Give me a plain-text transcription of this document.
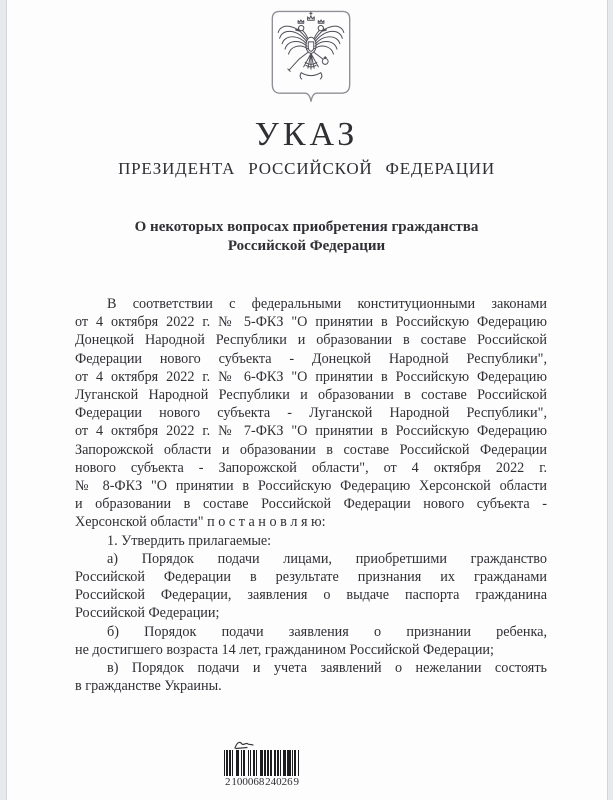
УКАЗ
ПРЕЗИДЕНТА РОССИЙСКОЙ ФЕДЕРАЦИИ
О некоторых вопросах приобретения гражданства
Российской Федерации
В соответствии с федеральными конституционными законами
от 4 октября 2022 г. № 5-ФКЗ "О принятии в Российскую Федерацию
Донецкой Народной Республики и образовании в составе Российской
Федерации нового субъекта - Донецкой Народной Республики",
от 4 октября 2022 г. № 6-ФКЗ "О принятии в Российскую Федерацию
Луганской Народной Республики и образовании в составе Российской
Федерации нового субъекта - Луганской Народной Республики",
от 4 октября 2022 г. № 7-ФКЗ "О принятии в Российскую Федерацию
Запорожской области и образовании в составе Российской Федерации
нового субъекта - Запорожской области", от 4 октября 2022 г.
№ 8-ФКЗ "О принятии в Российскую Федерацию Херсонской области
и образовании в составе Российской Федерации нового субъекта -
Херсонской области" п о с т а н о в л я ю:
1. Утвердить прилагаемые:
а) Порядок подачи лицами, приобретшими гражданство
Российской Федерации в результате признания их гражданами
Российской Федерации, заявления о выдаче паспорта гражданина
Российской Федерации;
б) Порядок подачи заявления о признании ребенка,
не достигшего возраста 14 лет, гражданином Российской Федерации;
в) Порядок подачи и учета заявлений о нежелании состоять
в гражданстве Украины.
2 100068 24026 9
